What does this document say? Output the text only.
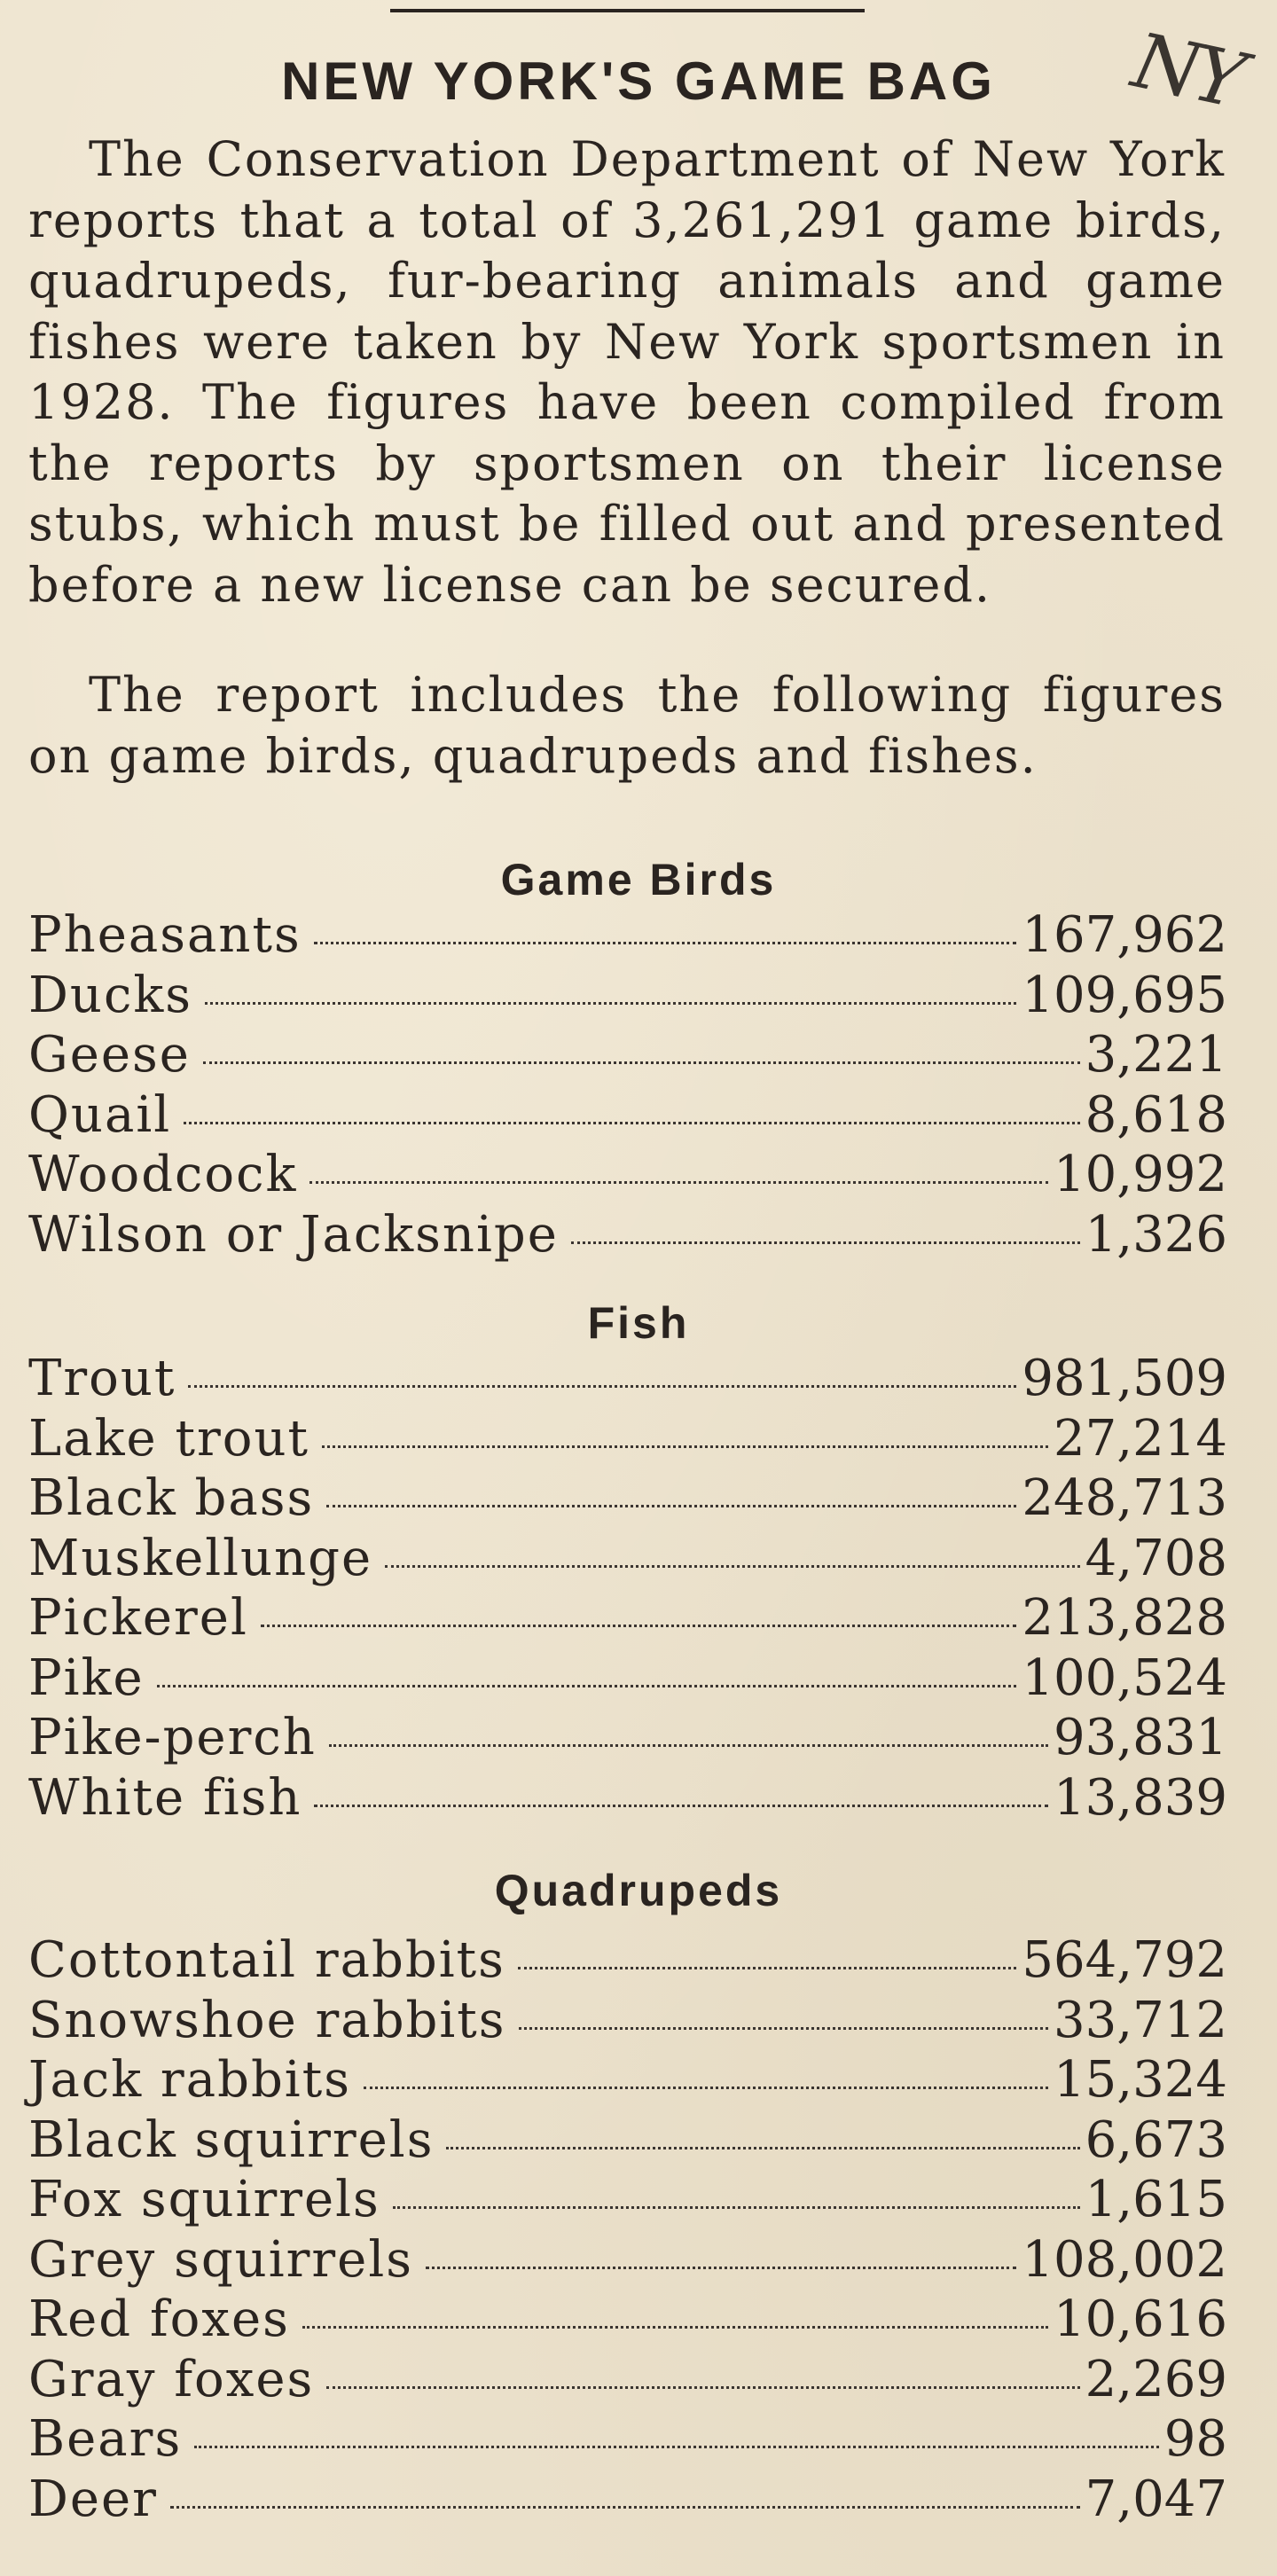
NEW YORK'S GAME BAG	NY

The Conservation Department of New York reports that a total of 3,261,291 game birds, quadrupeds, fur-bearing animals and game fishes were taken by New York sportsmen in 1928. The figures have been compiled from the reports by sportsmen on their license stubs, which must be filled out and presented before a new license can be secured.

The report includes the following figures on game birds, quadrupeds and fishes.

Game Birds
Pheasants	167,962
Ducks	109,695
Geese	3,221
Quail	8,618
Woodcock	10,992
Wilson or Jacksnipe	1,326
Fish
Trout	981,509
Lake trout	27,214
Black bass	248,713
Muskellunge	4,708
Pickerel	213,828
Pike	100,524
Pike-perch	93,831
White fish	13,839
Quadrupeds
Cottontail rabbits	564,792
Snowshoe rabbits	33,712
Jack rabbits	15,324
Black squirrels	6,673
Fox squirrels	1,615
Grey squirrels	108,002
Red foxes	10,616
Gray foxes	2,269
Bears	98
Deer	7,047
